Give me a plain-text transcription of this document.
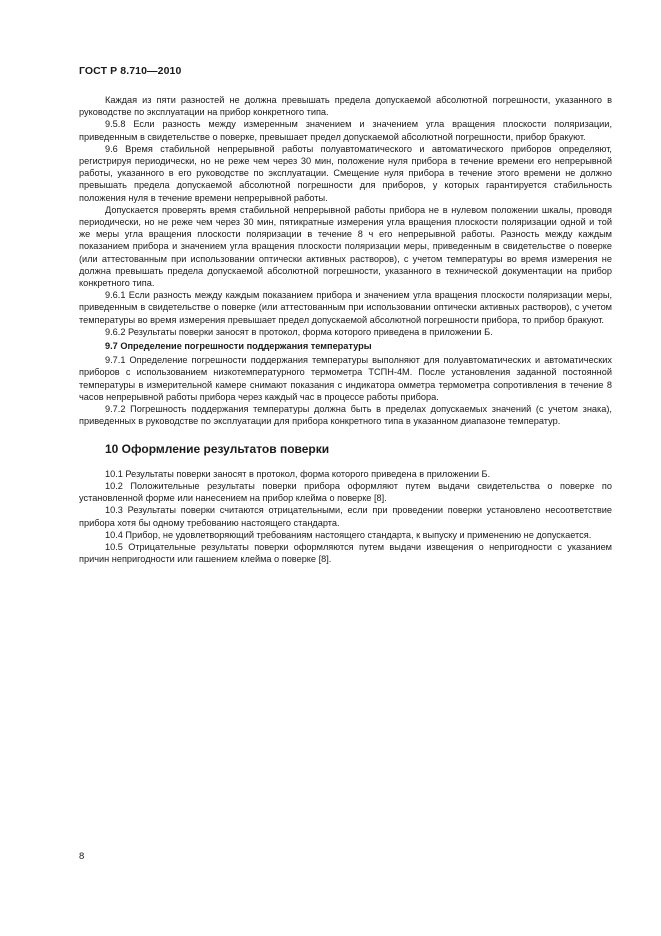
ГОСТ Р 8.710—2010

Каждая из пяти разностей не должна превышать предела допускаемой абсолютной погрешности, указанного в руководстве по эксплуатации на прибор конкретного типа.

9.5.8 Если разность между измеренным значением и значением угла вращения плоскости поляризации, приведенным в свидетельстве о поверке, превышает предел допускаемой абсолютной погрешности, прибор бракуют.

9.6 Время стабильной непрерывной работы полуавтоматического и автоматического приборов определяют, регистрируя периодически, но не реже чем через 30 мин, положение нуля прибора в течение времени его непрерывной работы, указанного в его руководстве по эксплуатации. Смещение нуля прибора в течение этого времени не должно превышать предела допускаемой абсолютной погрешности для приборов, у которых гарантируется стабильность положения нуля в течение времени непрерывной работы.

Допускается проверять время стабильной непрерывной работы прибора не в нулевом положении шкалы, проводя периодически, но не реже чем через 30 мин, пятикратные измерения угла вращения плоскости поляризации одной и той же меры угла вращения плоскости поляризации в течение 8 ч его непрерывной работы. Разность между каждым показанием прибора и значением угла вращения плоскости поляризации меры, приведенным в свидетельстве о поверке (или аттестованным при использовании оптически активных растворов), с учетом температуры во время измерения не должна превышать предела допускаемой абсолютной погрешности, указанного в технической документации на прибор конкретного типа.

9.6.1 Если разность между каждым показанием прибора и значением угла вращения плоскости поляризации меры, приведенным в свидетельстве о поверке (или аттестованным при использовании оптически активных растворов), с учетом температуры во время измерения превышает предел допускаемой абсолютной погрешности прибора, то прибор бракуют.

9.6.2 Результаты поверки заносят в протокол, форма которого приведена в приложении Б.

9.7 Определение погрешности поддержания температуры

9.7.1 Определение погрешности поддержания температуры выполняют для полуавтоматических и автоматических приборов с использованием низкотемпературного термометра ТСПН-4М. После установления заданной постоянной температуры в измерительной камере снимают показания с индикатора омметра термометра сопротивления в течение 8 часов непрерывной работы прибора через каждый час в процессе работы прибора.

9.7.2 Погрешность поддержания температуры должна быть в пределах допускаемых значений (с учетом знака), приведенных в руководстве по эксплуатации для прибора конкретного типа в указанном диапазоне температур.

10 Оформление результатов поверки

10.1 Результаты поверки заносят в протокол, форма которого приведена в приложении Б.

10.2 Положительные результаты поверки прибора оформляют путем выдачи свидетельства о поверке по установленной форме или нанесением на прибор клейма о поверке [8].

10.3 Результаты поверки считаются отрицательными, если при проведении поверки установлено несоответствие прибора хотя бы одному требованию настоящего стандарта.

10.4 Прибор, не удовлетворяющий требованиям настоящего стандарта, к выпуску и применению не допускается.

10.5 Отрицательные результаты поверки оформляются путем выдачи извещения о непригодности с указанием причин непригодности или гашением клейма о поверке [8].

8
